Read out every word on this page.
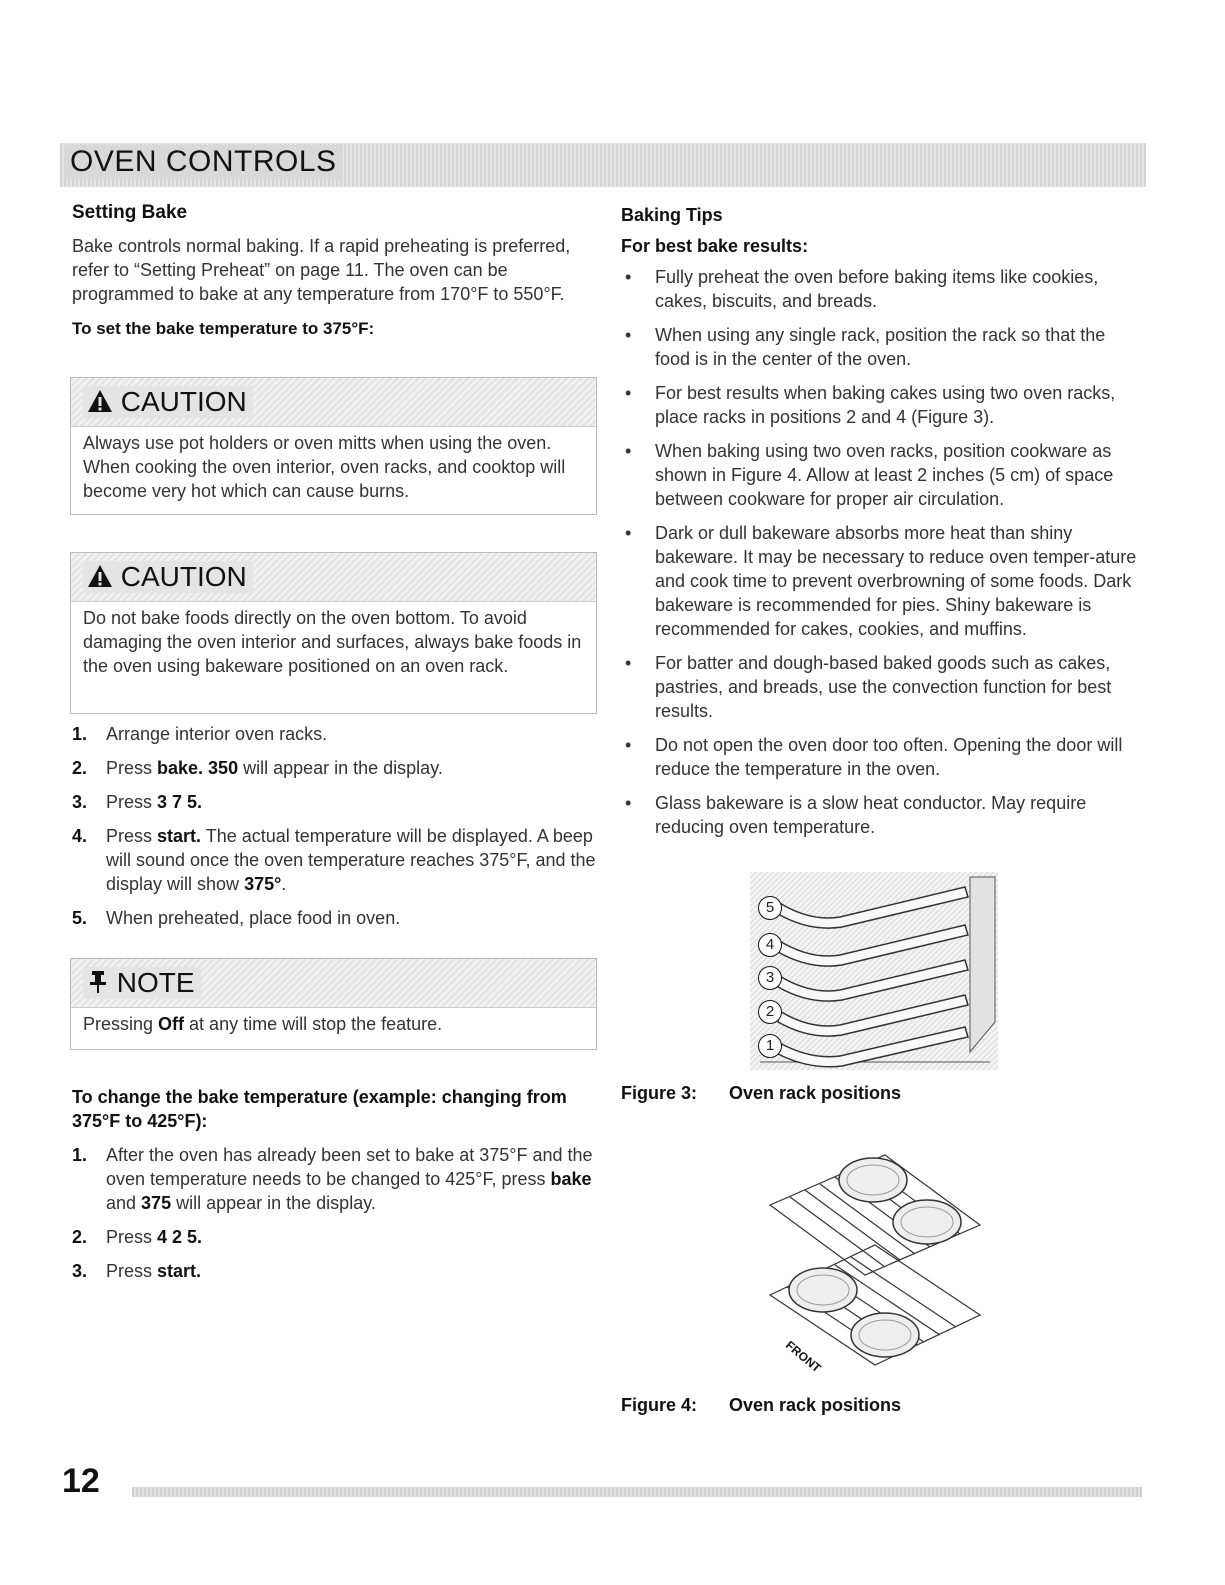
OVEN CONTROLS
Setting Bake
Bake controls normal baking. If a rapid preheating is preferred, refer to “Setting Preheat” on page 11. The oven can be programmed to bake at any temperature from 170°F to 550°F.
To set the bake temperature to 375°F:
CAUTION
Always use pot holders or oven mitts when using the oven. When cooking the oven interior, oven racks, and cooktop will become very hot which can cause burns.
CAUTION
Do not bake foods directly on the oven bottom. To avoid damaging the oven interior and surfaces, always bake foods in the oven using bakeware positioned on an oven rack.
1. Arrange interior oven racks.
2. Press bake. 350 will appear in the display.
3. Press 3 7 5.
4. Press start. The actual temperature will be displayed. A beep will sound once the oven temperature reaches 375°F, and the display will show 375°.
5. When preheated, place food in oven.
NOTE
Pressing Off at any time will stop the feature.
To change the bake temperature (example: changing from 375°F to 425°F):
1. After the oven has already been set to bake at 375°F and the oven temperature needs to be changed to 425°F, press bake and 375 will appear in the display.
2. Press 4 2 5.
3. Press start.
Baking Tips
For best bake results:
• Fully preheat the oven before baking items like cookies, cakes, biscuits, and breads.
• When using any single rack, position the rack so that the food is in the center of the oven.
• For best results when baking cakes using two oven racks, place racks in positions 2 and 4 (Figure 3).
• When baking using two oven racks, position cookware as shown in Figure 4. Allow at least 2 inches (5 cm) of space between cookware for proper air circulation.
• Dark or dull bakeware absorbs more heat than shiny bakeware. It may be necessary to reduce oven temper-ature and cook time to prevent overbrowning of some foods. Dark bakeware is recommended for pies. Shiny bakeware is recommended for cakes, cookies, and muffins.
• For batter and dough-based baked goods such as cakes, pastries, and breads, use the convection function for best results.
• Do not open the oven door too often. Opening the door will reduce the temperature in the oven.
• Glass bakeware is a slow heat conductor. May require reducing oven temperature.
5
4
3
2
1
Figure 3: Oven rack positions
FRONT
Figure 4: Oven rack positions
12
